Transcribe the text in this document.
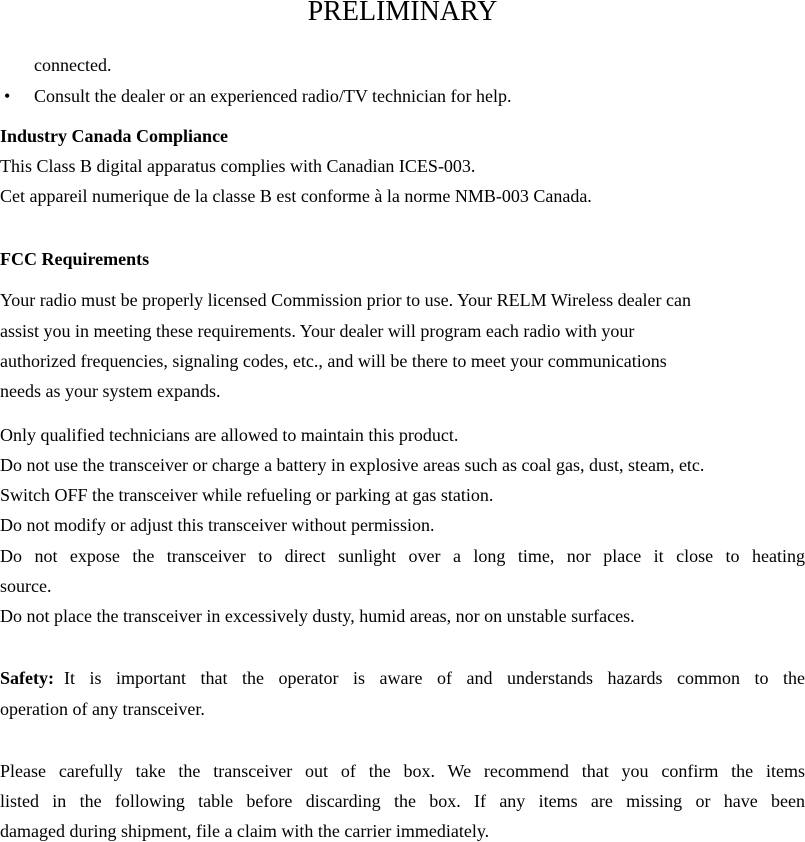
PRELIMINARY
connected.
• Consult the dealer or an experienced radio/TV technician for help.
Industry Canada Compliance
This Class B digital apparatus complies with Canadian ICES-003.
Cet appareil numerique de la classe B est conforme à la norme NMB-003 Canada.
FCC Requirements
Your radio must be properly licensed Commission prior to use. Your RELM Wireless dealer can
assist you in meeting these requirements. Your dealer will program each radio with your
authorized frequencies, signaling codes, etc., and will be there to meet your communications
needs as your system expands.
Only qualified technicians are allowed to maintain this product.
Do not use the transceiver or charge a battery in explosive areas such as coal gas, dust, steam, etc.
Switch OFF the transceiver while refueling or parking at gas station.
Do not modify or adjust this transceiver without permission.
Do not expose the transceiver to direct sunlight over a long time, nor place it close to heating
source.
Do not place the transceiver in excessively dusty, humid areas, nor on unstable surfaces.
Safety: It is important that the operator is aware of and understands hazards common to the
operation of any transceiver.
Please carefully take the transceiver out of the box. We recommend that you confirm the items
listed in the following table before discarding the box. If any items are missing or have been
damaged during shipment, file a claim with the carrier immediately.
